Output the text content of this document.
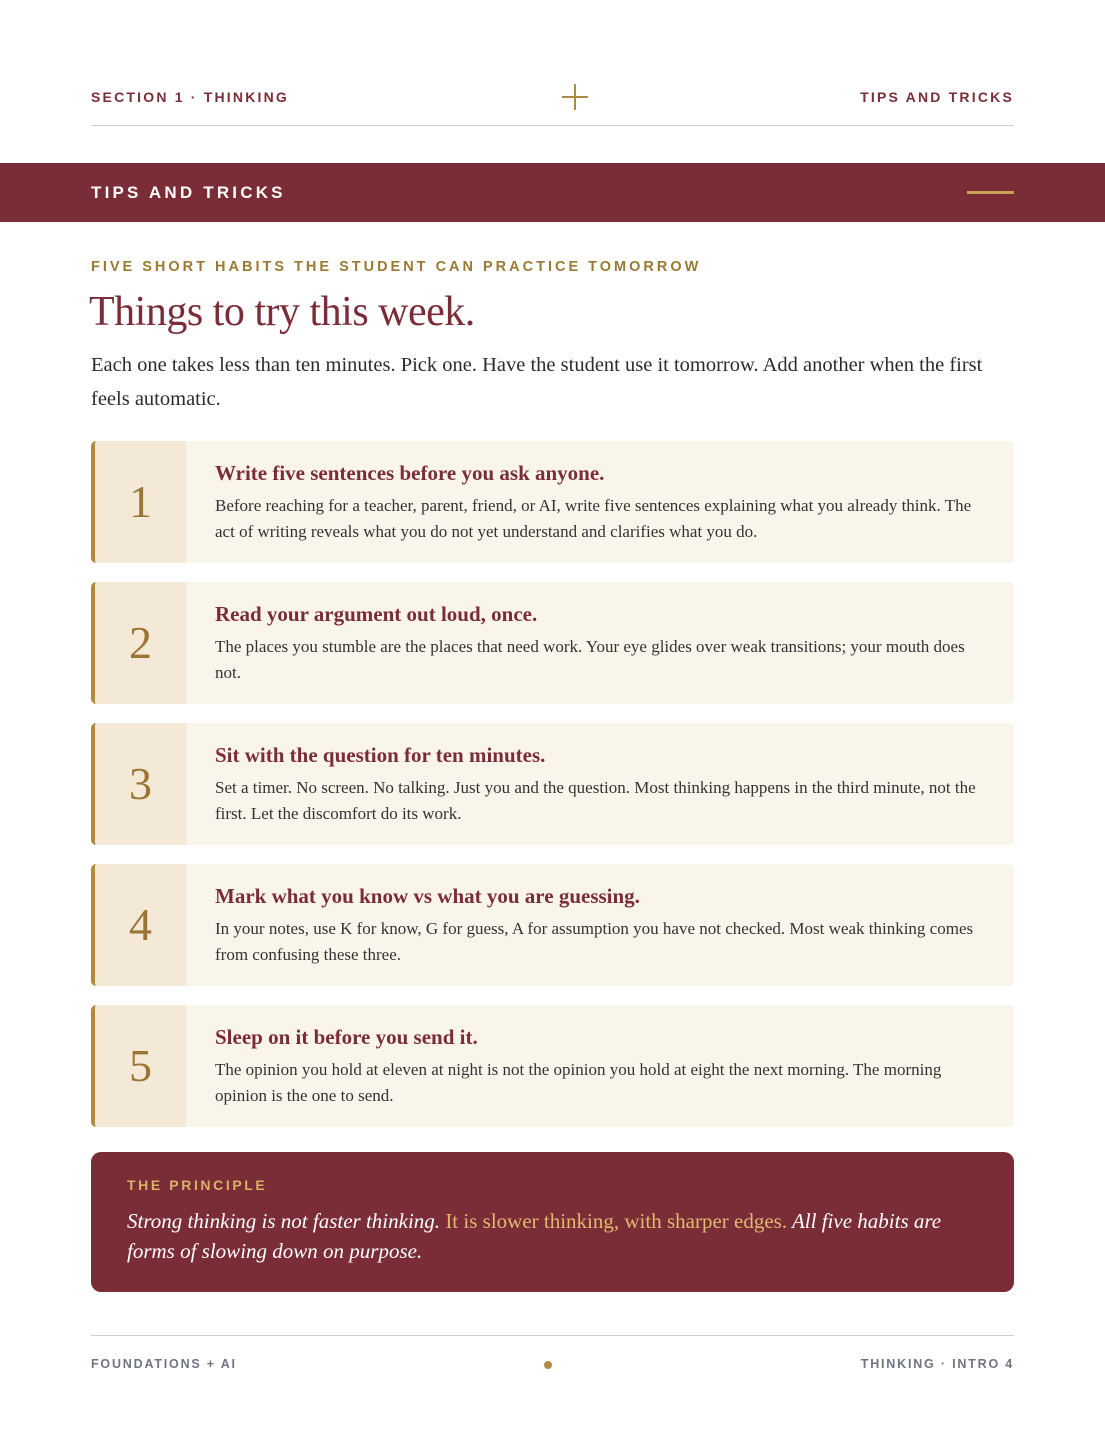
SECTION 1 · THINKING	TIPS AND TRICKS
TIPS AND TRICKS
FIVE SHORT HABITS THE STUDENT CAN PRACTICE TOMORROW
Things to try this week.

Each one takes less than ten minutes. Pick one. Have the student use it tomorrow. Add another when the first feels automatic.

1
Write five sentences before you ask anyone.
Before reaching for a teacher, parent, friend, or AI, write five sentences explaining what you already think. The act of writing reveals what you do not yet understand and clarifies what you do.
2
Read your argument out loud, once.
The places you stumble are the places that need work. Your eye glides over weak transitions; your mouth does not.
3
Sit with the question for ten minutes.
Set a timer. No screen. No talking. Just you and the question. Most thinking happens in the third minute, not the first. Let the discomfort do its work.
4
Mark what you know vs what you are guessing.
In your notes, use K for know, G for guess, A for assumption you have not checked. Most weak thinking comes from confusing these three.
5
Sleep on it before you send it.
The opinion you hold at eleven at night is not the opinion you hold at eight the next morning. The morning opinion is the one to send.
THE PRINCIPLE

Strong thinking is not faster thinking. It is slower thinking, with sharper edges. All five habits are forms of slowing down on purpose.

FOUNDATIONS + AI	THINKING · INTRO 4
